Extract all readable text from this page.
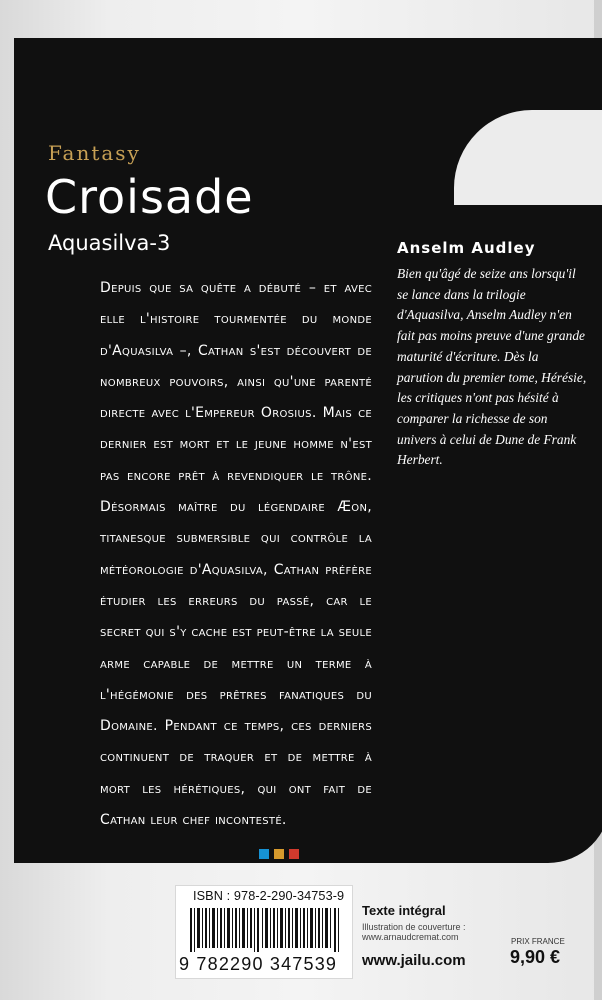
Fantasy

Croisade

Aquasilva-3

Depuis que sa quête a débuté – et avec elle l'histoire tourmentée du monde d'Aquasilva –, Cathan s'est découvert de nombreux pouvoirs, ainsi qu'une parenté directe avec l'Empereur Orosius. Mais ce dernier est mort et le jeune homme n'est pas encore prêt à revendiquer le trône. Désormais maître du légendaire Æon, titanesque submersible qui contrôle la météorologie d'Aquasilva, Cathan préfère étudier les erreurs du passé, car le secret qui s'y cache est peut-être la seule arme capable de mettre un terme à l'hégémonie des prêtres fanatiques du Domaine. Pendant ce temps, ces derniers continuent de traquer et de mettre à mort les hérétiques, qui ont fait de Cathan leur chef incontesté.

Anselm Audley

Bien qu'âgé de seize ans lorsqu'il se lance dans la trilogie d'Aquasilva, Anselm Audley n'en fait pas moins preuve d'une grande maturité d'écriture. Dès la parution du premier tome, Hérésie, les critiques n'ont pas hésité à comparer la richesse de son univers à celui de Dune de Frank Herbert.

ISBN : 978-2-290-34753-9

9 782290 347539

Texte intégral

Illustration de couverture :
www.arnaudcremat.com

www.jailu.com

PRIX FRANCE

9,90 €
